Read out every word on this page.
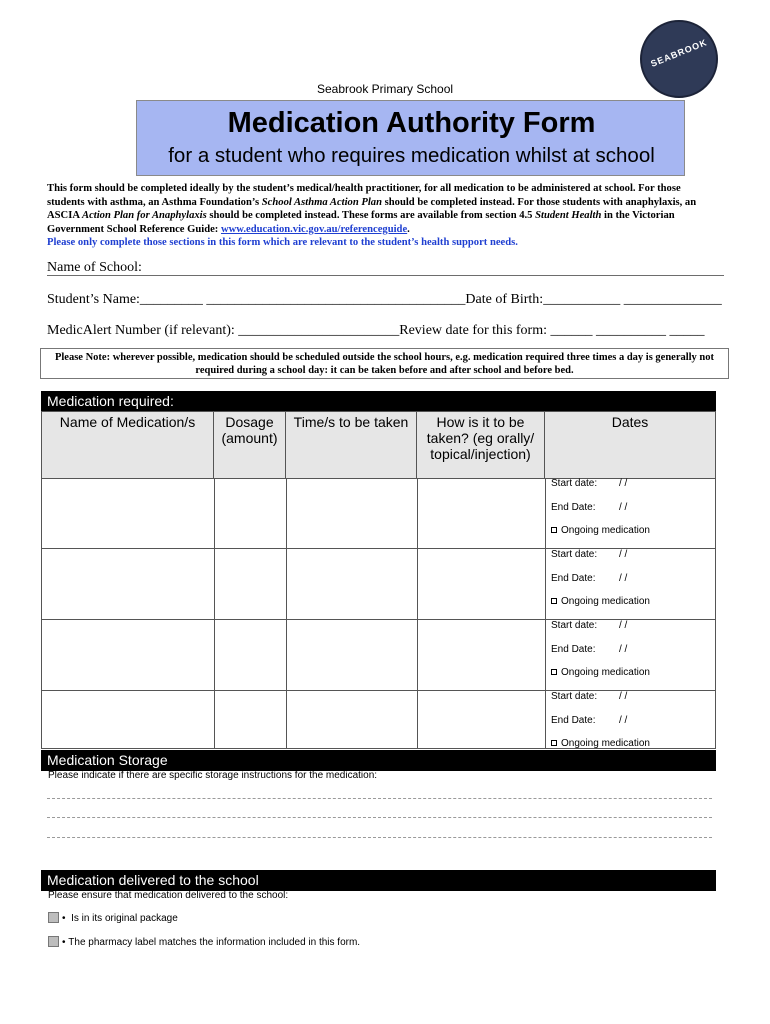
SEABROOK
Seabrook Primary School
Medication Authority Form
for a student who requires medication whilst at school
This form should be completed ideally by the student’s medical/health practitioner, for all medication to be administered at school. For those students with asthma, an Asthma Foundation’s School Asthma Action Plan should be completed instead. For those students with anaphylaxis, an ASCIA Action Plan for Anaphylaxis should be completed instead. These forms are available from section 4.5 Student Health in the Victorian Government School Reference Guide: www.education.vic.gov.au/referenceguide.
Please only complete those sections in this form which are relevant to the student’s health support needs.
Name of School:
Student’s Name:_________ _____________________________________Date of Birth:___________ ______________
MedicAlert Number (if relevant): _______________________Review date for this form: ______ __________ _____
Please Note: wherever possible, medication should be scheduled outside the school hours, e.g. medication required three times a day is generally not required during a school day: it can be taken before and after school and before bed.
Medication required:
Name of Medication/s	Dosage (amount)
Time/s to be taken	How is it to be taken? (eg orally/ topical/injection)
Dates
Start date: / /
End Date: / /
Ongoing medication
Start date: / /
End Date: / /
Ongoing medication
Start date: / /
End Date: / /
Ongoing medication
Start date: / /
End Date: / /
Ongoing medication
Medication Storage
Please indicate if there are specific storage instructions for the medication:
Medication delivered to the school
Please ensure that medication delivered to the school:
•  Is in its original package
• The pharmacy label matches the information included in this form.
